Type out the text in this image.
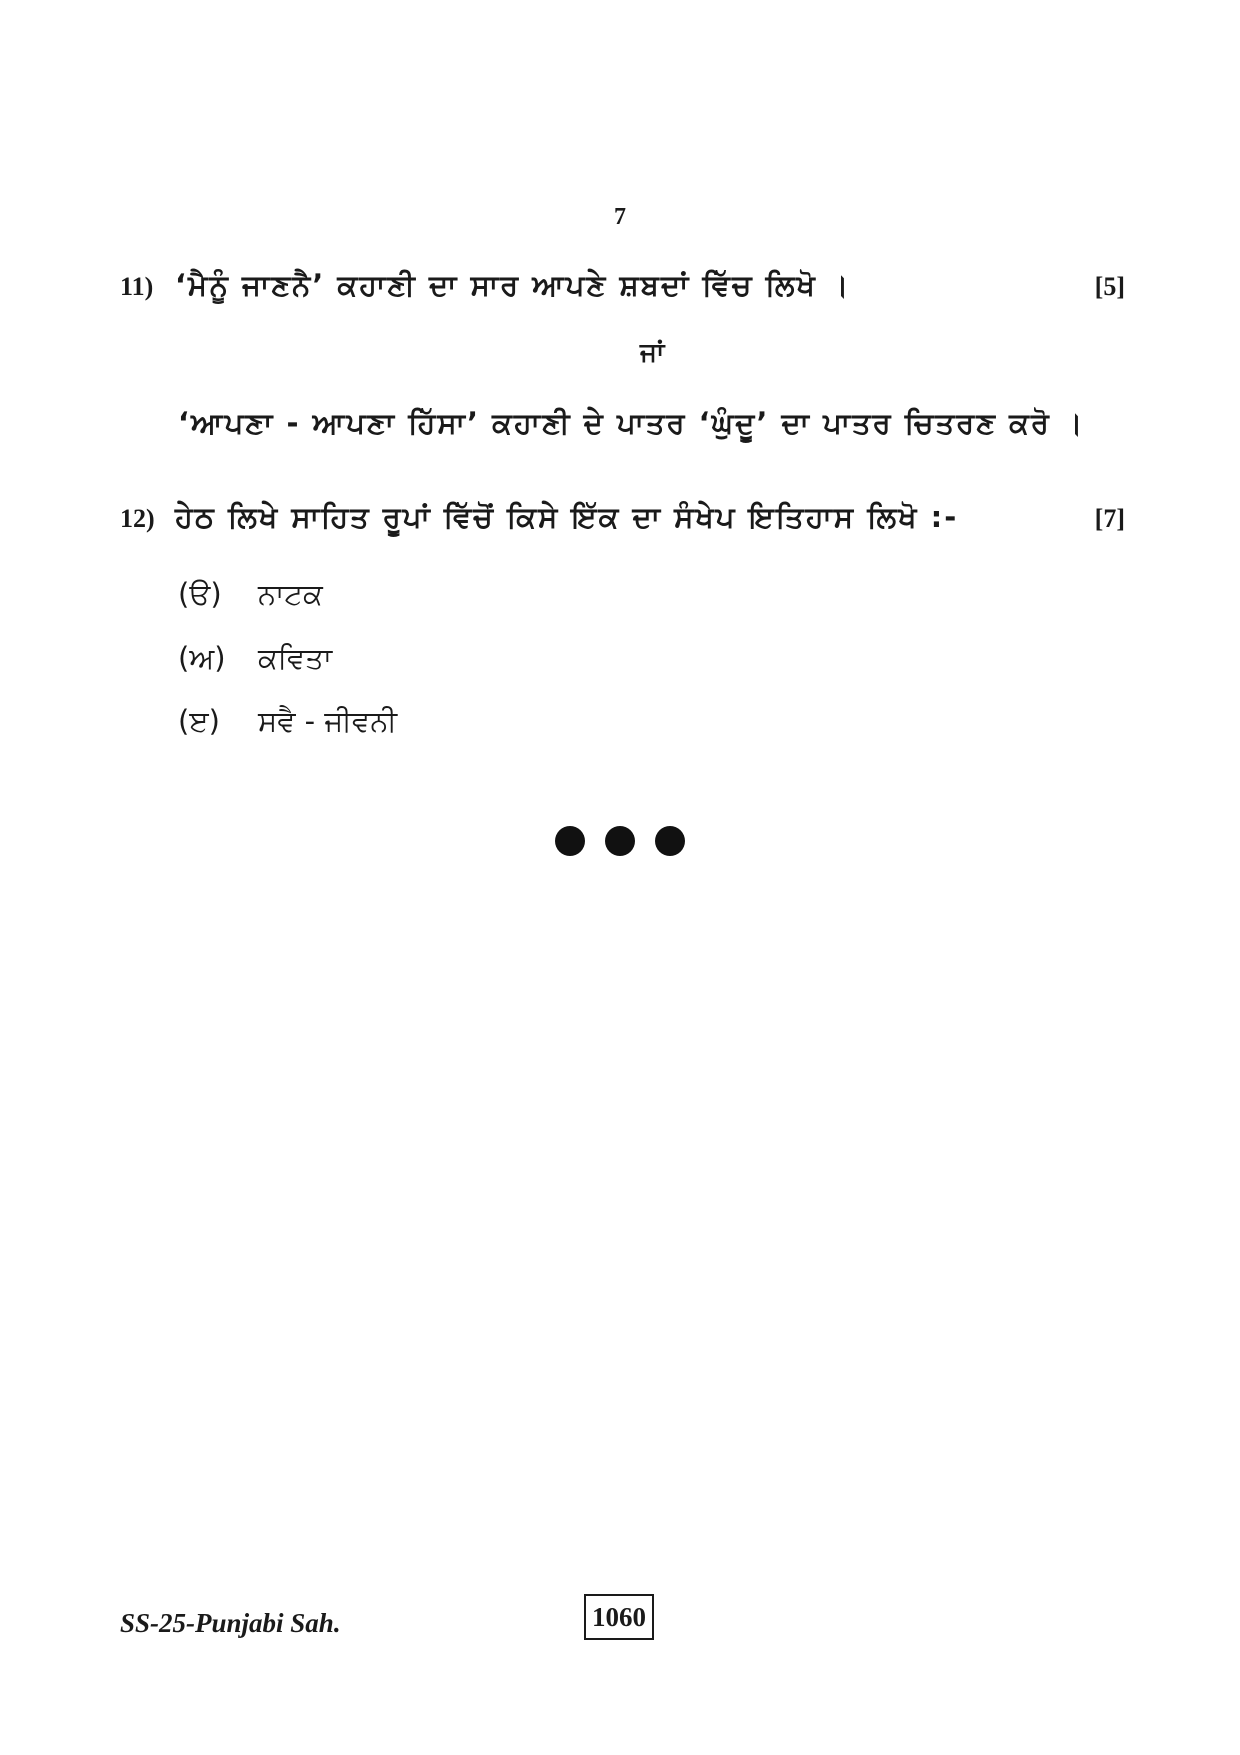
7
11) ‘ਮੈਨੂੰ ਜਾਣਨੈ’ ਕਹਾਣੀ ਦਾ ਸਾਰ ਆਪਣੇ ਸ਼ਬਦਾਂ ਵਿੱਚ ਲਿਖੋ ।	[5]
ਜਾਂ
‘ਆਪਣਾ - ਆਪਣਾ ਹਿੱਸਾ’ ਕਹਾਣੀ ਦੇ ਪਾਤਰ ‘ਘੁੰਦੂ’ ਦਾ ਪਾਤਰ ਚਿਤਰਣ ਕਰੋ ।
12) ਹੇਠ ਲਿਖੇ ਸਾਹਿਤ ਰੂਪਾਂ ਵਿੱਚੋਂ ਕਿਸੇ ਇੱਕ ਦਾ ਸੰਖੇਪ ਇਤਿਹਾਸ ਲਿਖੋ :-	[7]
(ੳ)	ਨਾਟਕ
(ਅ)	ਕਵਿਤਾ
(ੲ)	ਸਵੈ - ਜੀਵਨੀ
SS-25-Punjabi Sah.	1060
